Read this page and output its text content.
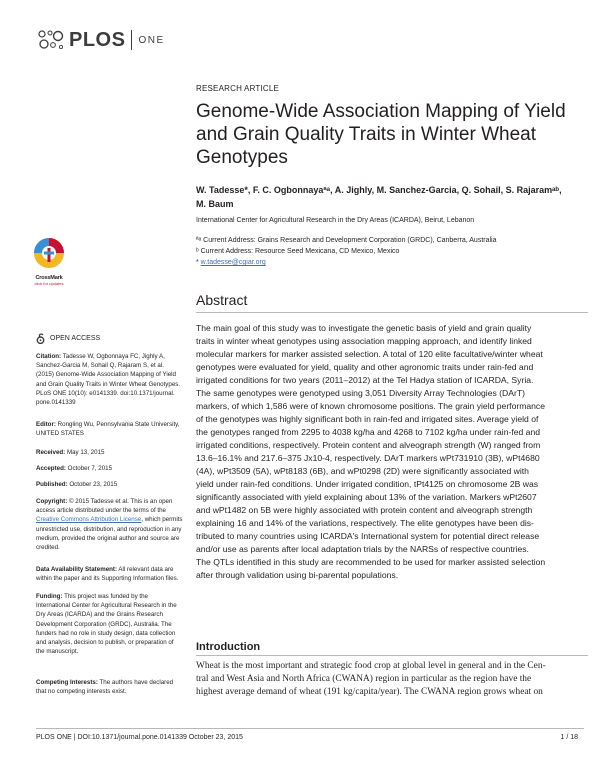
PLOS ONE
RESEARCH ARTICLE
Genome-Wide Association Mapping of Yield and Grain Quality Traits in Winter Wheat Genotypes
W. Tadesse*, F. C. Ogbonnayaªᵃ, A. Jighly, M. Sanchez-Garcia, Q. Sohail, S. Rajaramᵃᵇ,
M. Baum
International Center for Agricultural Research in the Dry Areas (ICARDA), Beirut, Lebanon
ªᵃ Current Address: Grains Research and Development Corporation (GRDC), Canberra, Australia
ᵇ Current Address: Resource Seed Mexicana, CD Mexico, Mexico
* w.tadesse@cgiar.org
CrossMark
click for updates
OPEN ACCESS
Citation: Tadesse W, Ogbonnaya FC, Jighly A,
Sanchez-Garcia M, Sohail Q, Rajaram S, et al.
(2015) Genome-Wide Association Mapping of Yield
and Grain Quality Traits in Winter Wheat Genotypes.
PLoS ONE 10(10): e0141339. doi:10.1371/journal.
pone.0141339
Editor: Rongling Wu, Pennsylvania State University,
UNITED STATES
Received: May 13, 2015
Accepted: October 7, 2015
Published: October 23, 2015
Copyright: © 2015 Tadesse et al. This is an open
access article distributed under the terms of the
Creative Commons Attribution License, which permits
unrestricted use, distribution, and reproduction in any
medium, provided the original author and source are
credited.
Data Availability Statement: All relevant data are
within the paper and its Supporting Information files.
Funding: This project was funded by the
International Center for Agricultural Research in the
Dry Areas (ICARDA) and the Grains Research
Development Corporation (GRDC), Australia. The
funders had no role in study design, data collection
and analysis, decision to publish, or preparation of
the manuscript.
Competing Interests: The authors have declared
that no competing interests exist.
Abstract
The main goal of this study was to investigate the genetic basis of yield and grain quality
traits in winter wheat genotypes using association mapping approach, and identify linked
molecular markers for marker assisted selection. A total of 120 elite facultative/winter wheat
genotypes were evaluated for yield, quality and other agronomic traits under rain-fed and
irrigated conditions for two years (2011–2012) at the Tel Hadya station of ICARDA, Syria.
The same genotypes were genotyped using 3,051 Diversity Array Technologies (DArT)
markers, of which 1,586 were of known chromosome positions. The grain yield performance
of the genotypes was highly significant both in rain-fed and irrigated sites. Average yield of
the genotypes ranged from 2295 to 4038 kg/ha and 4268 to 7102 kg/ha under rain-fed and
irrigated conditions, respectively. Protein content and alveograph strength (W) ranged from
13.6–16.1% and 217.6–375 Jx10-4, respectively. DArT markers wPt731910 (3B), wPt4680
(4A), wPt3509 (5A), wPt8183 (6B), and wPt0298 (2D) were significantly associated with
yield under rain-fed conditions. Under irrigated condition, tPt4125 on chromosome 2B was
significantly associated with yield explaining about 13% of the variation. Markers wPt2607
and wPt1482 on 5B were highly associated with protein content and alveograph strength
explaining 16 and 14% of the variations, respectively. The elite genotypes have been dis-
tributed to many countries using ICARDA's International system for potential direct release
and/or use as parents after local adaptation trials by the NARSs of respective countries.
The QTLs identified in this study are recommended to be used for marker assisted selection
after through validation using bi-parental populations.
Introduction
Wheat is the most important and strategic food crop at global level in general and in the Cen-
tral and West Asia and North Africa (CWANA) region in particular as the region have the
highest average demand of wheat (191 kg/capita/year). The CWANA region grows wheat on
PLOS ONE | DOI:10.1371/journal.pone.0141339 October 23, 2015	1 / 18
